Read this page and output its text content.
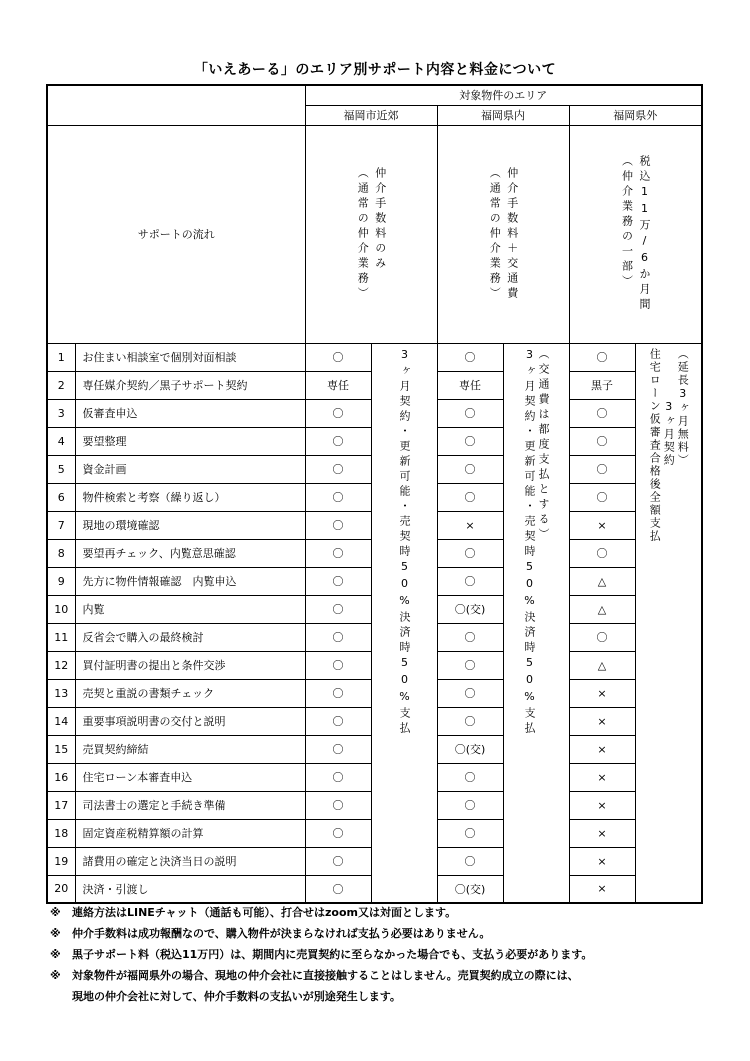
「いえあーる」のエリア別サポート内容と料金について
		対象物件のエリア					
		福岡市近郊		福岡県内		福岡県外	
サポートの流れ		（通常の仲介業務） 仲介手数料のみ		（通常の仲介業務） 仲介手数料＋交通費		（仲介業務の一部） 税込11万/6か月間	
1	お住まい相談室で個別対面相談	〇	3ヶ月契約・更新可能・売契時50%決済時50%支払	〇	3ヶ月契約・更新可能・売契時50%決済時50%支払（交通費は都度支払とする）	〇	住宅ローン仮審査合格後全額支払3ヶ月契約（延長3ヶ月無料）
2	専任媒介契約／黒子サポート契約	専任		専任		黒子	
3	仮審査申込	〇		〇		〇	
4	要望整理	〇		〇		〇	
5	資金計画	〇		〇		〇	
6	物件検索と考察（繰り返し）	〇		〇		〇	
7	現地の環境確認	〇		×		×	
8	要望再チェック、内覧意思確認	〇		〇		〇	
9	先方に物件情報確認　内覧申込	〇		〇		△	
10	内覧	〇		〇(交)		△	
11	反省会で購入の最終検討	〇		〇		〇	
12	買付証明書の提出と条件交渉	〇		〇		△	
13	売契と重説の書類チェック	〇		〇		×	
14	重要事項説明書の交付と説明	〇		〇		×	
15	売買契約締結	〇		〇(交)		×	
16	住宅ローン本審査申込	〇		〇		×	
17	司法書士の選定と手続き準備	〇		〇		×	
18	固定資産税精算額の計算	〇		〇		×	
19	諸費用の確定と決済当日の説明	〇		〇		×	
20	決済・引渡し	〇		〇(交)		×	
※	連絡方法はLINEチャット（通話も可能）、打合せはzoom又は対面とします。
※	仲介手数料は成功報酬なので、購入物件が決まらなければ支払う必要はありません。
※	黒子サポート料（税込11万円）は、期間内に売買契約に至らなかった場合でも、支払う必要があります。
※	対象物件が福岡県外の場合、現地の仲介会社に直接接触することはしません。売買契約成立の際には、
現地の仲介会社に対して、仲介手数料の支払いが別途発生します。
